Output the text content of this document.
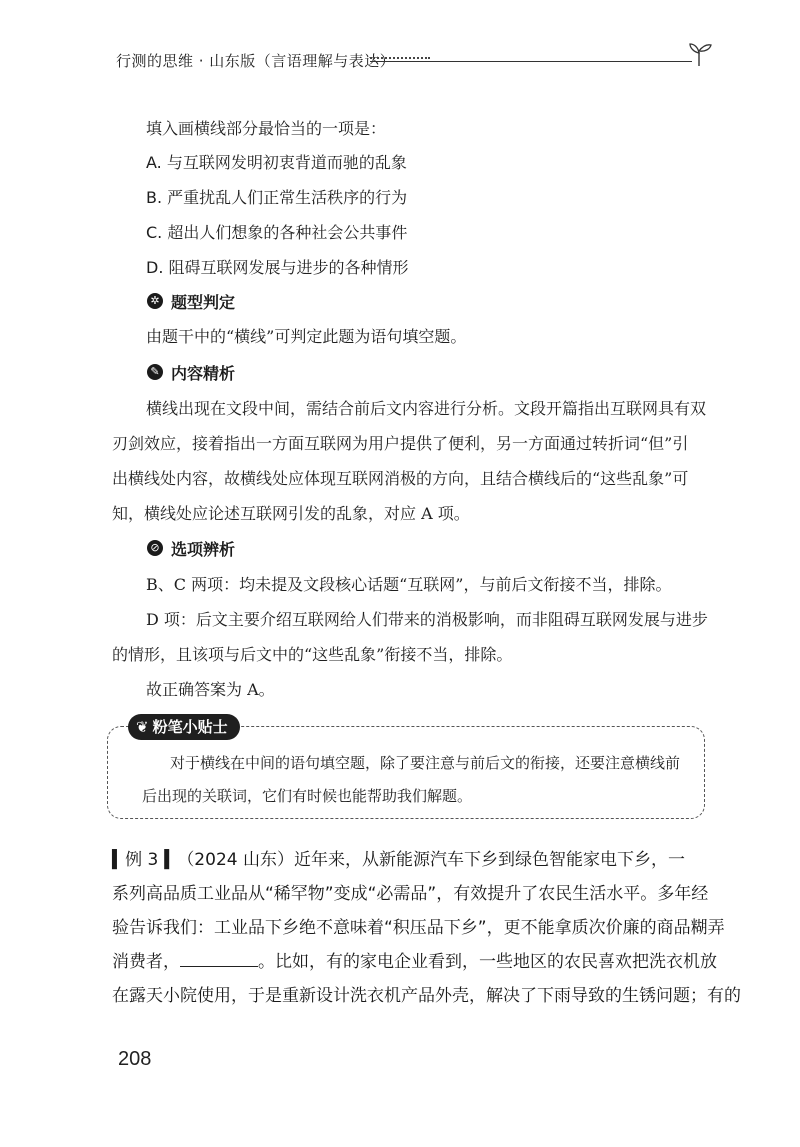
行测的思维 · 山东版（言语理解与表达）
填入画横线部分最恰当的一项是：
A. 与互联网发明初衷背道而驰的乱象
B. 严重扰乱人们正常生活秩序的行为
C. 超出人们想象的各种社会公共事件
D. 阻碍互联网发展与进步的各种情形
✲ 题型判定
由题干中的“横线”可判定此题为语句填空题。
✎ 内容精析
横线出现在文段中间，需结合前后文内容进行分析。文段开篇指出互联网具有双
刃剑效应，接着指出一方面互联网为用户提供了便利，另一方面通过转折词“但”引
出横线处内容，故横线处应体现互联网消极的方向，且结合横线后的“这些乱象”可
知，横线处应论述互联网引发的乱象，对应 A 项。
⊘ 选项辨析
B、C 两项：均未提及文段核心话题“互联网”，与前后文衔接不当，排除。
D 项：后文主要介绍互联网给人们带来的消极影响，而非阻碍互联网发展与进步
的情形，且该项与后文中的“这些乱象”衔接不当，排除。
故正确答案为 A。
❦ 粉笔小贴士
对于横线在中间的语句填空题，除了要注意与前后文的衔接，还要注意横线前
后出现的关联词，它们有时候也能帮助我们解题。
▍例 3 ▍（2024 山东）近年来，从新能源汽车下乡到绿色智能家电下乡，一
系列高品质工业品从“稀罕物”变成“必需品”，有效提升了农民生活水平。多年经
验告诉我们：工业品下乡绝不意味着“积压品下乡”，更不能拿质次价廉的商品糊弄
消费者，	。比如，有的家电企业看到，一些地区的农民喜欢把洗衣机放
在露天小院使用，于是重新设计洗衣机产品外壳，解决了下雨导致的生锈问题；有的
208
